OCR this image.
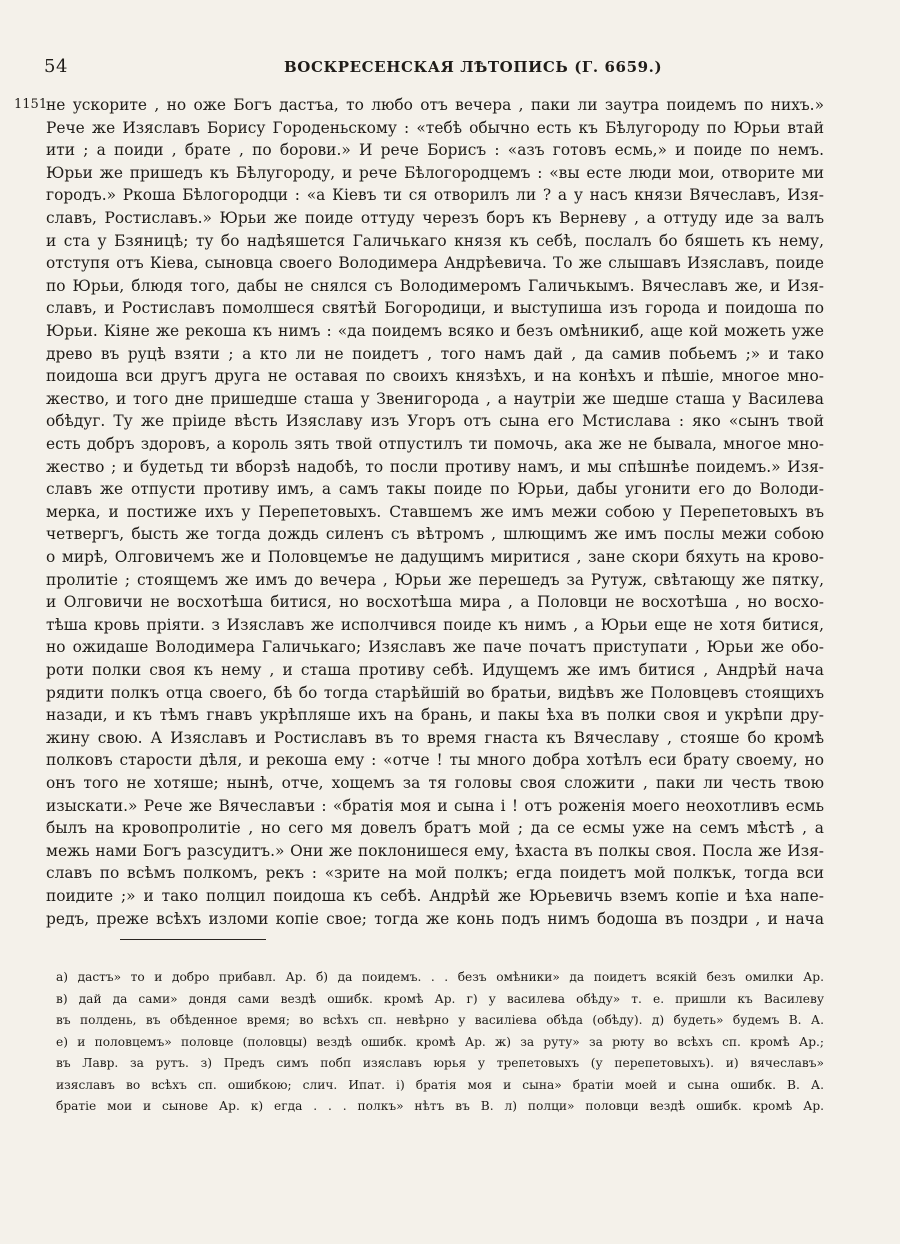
54	ВОСКРЕСЕНСКАЯ ЛѢТОПИСЬ (Г. 6659.)
1151
не ускорите , но оже Богъ дастъа, то любо отъ вечера , паки ли заутра поидемъ по нихъ.»
Рече же Изяславъ Борису Городеньскому : «тебѣ обычно есть къ Бѣлугороду по Юрьи втай
ити ; а поиди , брате , по борови.» И рече Борисъ : «азъ готовъ есмь,» и поиде по немъ.
Юрьи же пришедъ къ Бѣлугороду, и рече Бѣлогородцемъ : «вы есте люди мои, отворите ми
городъ.» Ркоша Бѣлогородци : «а Кіевъ ти ся отворилъ ли ? а у насъ князи Вячеславъ, Изя-
славъ, Ростиславъ.» Юрьи же поиде оттуду черезъ боръ къ Верневу , а оттуду иде за валъ
и ста у Бзяницѣ; ту бо надѣяшется Галичькаго князя къ себѣ, послалъ бо бяшеть къ нему,
отступя отъ Кіева, сыновца своего Володимера Андрѣевича. То же слышавъ Изяславъ, поиде
по Юрьи, блюдя того, дабы не снялся съ Володимеромъ Галичькымъ. Вячеславъ же, и Изя-
славъ, и Ростиславъ помолшеся святѣй Богородици, и выступиша изъ города и поидоша по
Юрьи. Кіяне же рекоша къ нимъ : «да поидемъ всяко и безъ омѣникиб, аще кой можеть уже
древо въ руцѣ взяти ; а кто ли не поидетъ , того намъ дай , да самив побьемъ ;» и тако
поидоша вси другъ друга не оставая по своихъ князѣхъ, и на конѣхъ и пѣшіе, многое мно-
жество, и того дне пришедше сташа у Звенигорода , а наутріи же шедше сташа у Василева
обѣдуг. Ту же пріиде вѣсть Изяславу изъ Угоръ отъ сына его Мстислава : яко «сынъ твой
есть добръ здоровъ, а король зять твой отпустилъ ти помочь, ака же не бывала, многое мно-
жество ; и будетьд ти вборзѣ надобѣ, то посли противу намъ, и мы спѣшнѣе поидемъ.» Изя-
славъ же отпусти противу имъ, а самъ такы поиде по Юрьи, дабы угонити его до Володи-
мерка, и постиже ихъ у Перепетовыхъ. Ставшемъ же имъ межи собою у Перепетовыхъ въ
четвергъ, бысть же тогда дождь силенъ съ вѣтромъ , шлющимъ же имъ послы межи собою
о мирѣ, Олговичемъ же и Половцемъе не дадущимъ миритися , зане скори бяхуть на крово-
пролитіе ; стоящемъ же имъ до вечера , Юрьи же перешедъ за Рутуж, свѣтающу же пятку,
и Олговичи не восхотѣша битися, но восхотѣша мира , а Половци не восхотѣша , но восхо-
тѣша кровь пріяти. з Изяславъ же исполчився поиде къ нимъ , а Юрьи еще не хотя битися,
но ожидаше Володимера Галичькаго; Изяславъ же паче початъ приступати , Юрьи же обо-
роти полки своя къ нему , и сташа противу себѣ. Идущемъ же имъ битися , Андрѣй нача
рядити полкъ отца своего, бѣ бо тогда старѣйшій во братьи, видѣвъ же Половцевъ стоящихъ
назади, и къ тѣмъ гнавъ укрѣпляше ихъ на брань, и пакы ѣха въ полки своя и укрѣпи дру-
жину свою. А Изяславъ и Ростиславъ въ то время гнаста къ Вячеславу , стояше бо кромѣ
полковъ старости дѣля, и рекоша ему : «отче ! ты много добра хотѣлъ еси брату своему, но
онъ того не хотяше; нынѣ, отче, хощемъ за тя головы своя сложити , паки ли честь твою
изыскати.» Рече же Вячеславъи : «братія моя и сына і ! отъ роженія моего неохотливъ есмь
былъ на кровопролитіе , но сего мя довелъ братъ мой ; да се есмы уже на семъ мѣстѣ , а
межь нами Богъ разсудитъ.» Они же поклонишеся ему, ѣхаста въ полкы своя. Посла же Изя-
славъ по всѣмъ полкомъ, рекъ : «зрите на мой полкъ; егда поидетъ мой полкък, тогда вси
поидите ;» и тако полцил поидоша къ себѣ. Андрѣй же Юрьевичь вземъ копіе и ѣха напе-
редъ, преже всѣхъ изломи копіе свое; тогда же конь подъ нимъ бодоша въ поздри , и нача
а) дастъ» то и добро прибавл. Ар. б) да поидемъ. . . безъ омѣники» да поидетъ всякій безъ омилки Ар.
в) дай да сами» дондя сами вездѣ ошибк. кромѣ Ар. г) у василева обѣду» т. е. пришли къ Василеву
въ полдень, въ обѣденное время; во всѣхъ сп. невѣрно у василіева обѣда (обѣду). д) будеть» будемъ В. А.
е) и половцемъ» половце (половцы) вездѣ ошибк. кромѣ Ар. ж) за руту» за рюту во всѣхъ сп. кромѣ Ар.;
въ Лавр. за рутъ. з) Предъ симъ побп изяславъ юрья у трепетовыхъ (у перепетовыхъ). и) вячеславъ»
изяславъ во всѣхъ сп. ошибкою; слич. Ипат. і) братія моя и сына» братіи моей и сына ошибк. В. А.
братіе мои и сынове Ар. к) егда . . . полкъ» нѣтъ въ В. л) полци» половци вездѣ ошибк. кромѣ Ар.
